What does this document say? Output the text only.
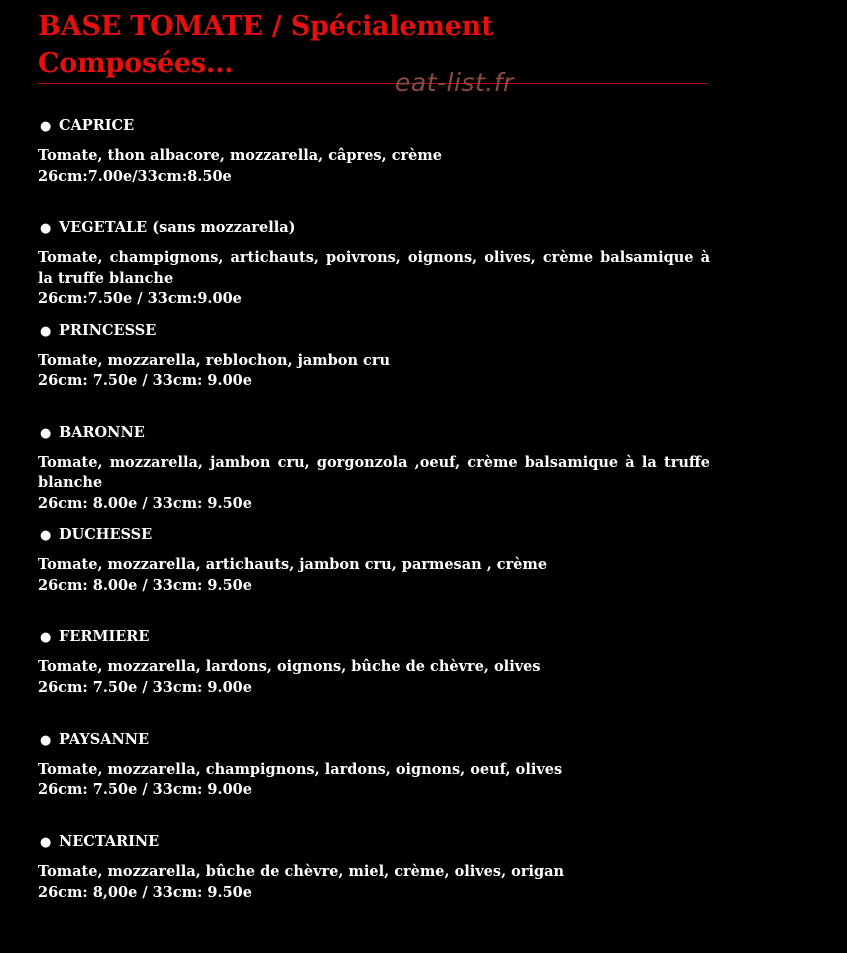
BASE TOMATE / Spécialement Composées...
eat-list.fr
● CAPRICE
Tomate, thon albacore, mozzarella, câpres, crème
26cm:7.00e/33cm:8.50e
● VEGETALE (sans mozzarella)
Tomate, champignons, artichauts, poivrons, oignons, olives, crème balsamique à la truffe blanche
26cm:7.50e / 33cm:9.00e
● PRINCESSE
Tomate, mozzarella, reblochon, jambon cru
26cm: 7.50e / 33cm: 9.00e
● BARONNE
Tomate, mozzarella, jambon cru, gorgonzola ,oeuf, crème balsamique à la truffe blanche
26cm: 8.00e / 33cm: 9.50e
● DUCHESSE
Tomate, mozzarella, artichauts, jambon cru, parmesan , crème
26cm: 8.00e / 33cm: 9.50e
● FERMIERE
Tomate, mozzarella, lardons, oignons, bûche de chèvre, olives
26cm: 7.50e / 33cm: 9.00e
● PAYSANNE
Tomate, mozzarella, champignons, lardons, oignons, oeuf, olives
26cm: 7.50e / 33cm: 9.00e
● NECTARINE
Tomate, mozzarella, bûche de chèvre, miel, crème, olives, origan
26cm: 8,00e / 33cm: 9.50e
